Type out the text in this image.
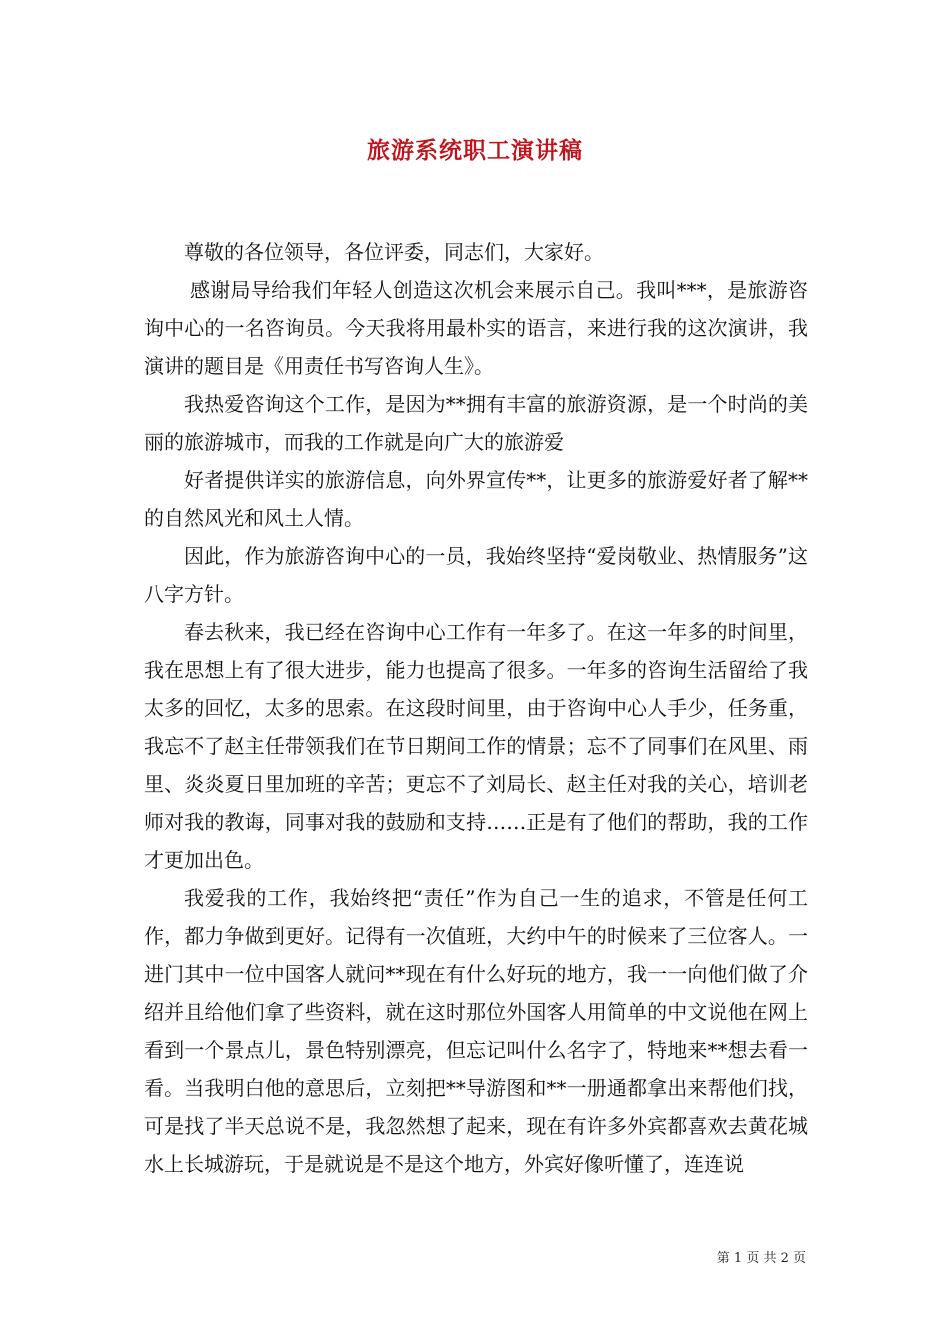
旅游系统职工演讲稿

尊敬的各位领导，各位评委，同志们，大家好。

感谢局导给我们年轻人创造这次机会来展示自己。我叫***，是旅游咨询中心的一名咨询员。今天我将用最朴实的语言，来进行我的这次演讲，我演讲的题目是《用责任书写咨询人生》。

我热爱咨询这个工作，是因为**拥有丰富的旅游资源，是一个时尚的美丽的旅游城市，而我的工作就是向广大的旅游爱

好者提供详实的旅游信息，向外界宣传**，让更多的旅游爱好者了解**的自然风光和风土人情。

因此，作为旅游咨询中心的一员，我始终坚持“爱岗敬业、热情服务”这八字方针。

春去秋来，我已经在咨询中心工作有一年多了。在这一年多的时间里，我在思想上有了很大进步，能力也提高了很多。一年多的咨询生活留给了我太多的回忆，太多的思索。在这段时间里，由于咨询中心人手少，任务重，我忘不了赵主任带领我们在节日期间工作的情景；忘不了同事们在风里、雨里、炎炎夏日里加班的辛苦；更忘不了刘局长、赵主任对我的关心，培训老师对我的教诲，同事对我的鼓励和支持……正是有了他们的帮助，我的工作才更加出色。

我爱我的工作，我始终把“责任”作为自己一生的追求，不管是任何工作，都力争做到更好。记得有一次值班，大约中午的时候来了三位客人。一进门其中一位中国客人就问**现在有什么好玩的地方，我一一向他们做了介绍并且给他们拿了些资料，就在这时那位外国客人用简单的中文说他在网上看到一个景点儿，景色特别漂亮，但忘记叫什么名字了，特地来**想去看一看。当我明白他的意思后，立刻把**导游图和**一册通都拿出来帮他们找，可是找了半天总说不是，我忽然想了起来，现在有许多外宾都喜欢去黄花城水上长城游玩，于是就说是不是这个地方，外宾好像听懂了，连连说

第 1 页 共 2 页
